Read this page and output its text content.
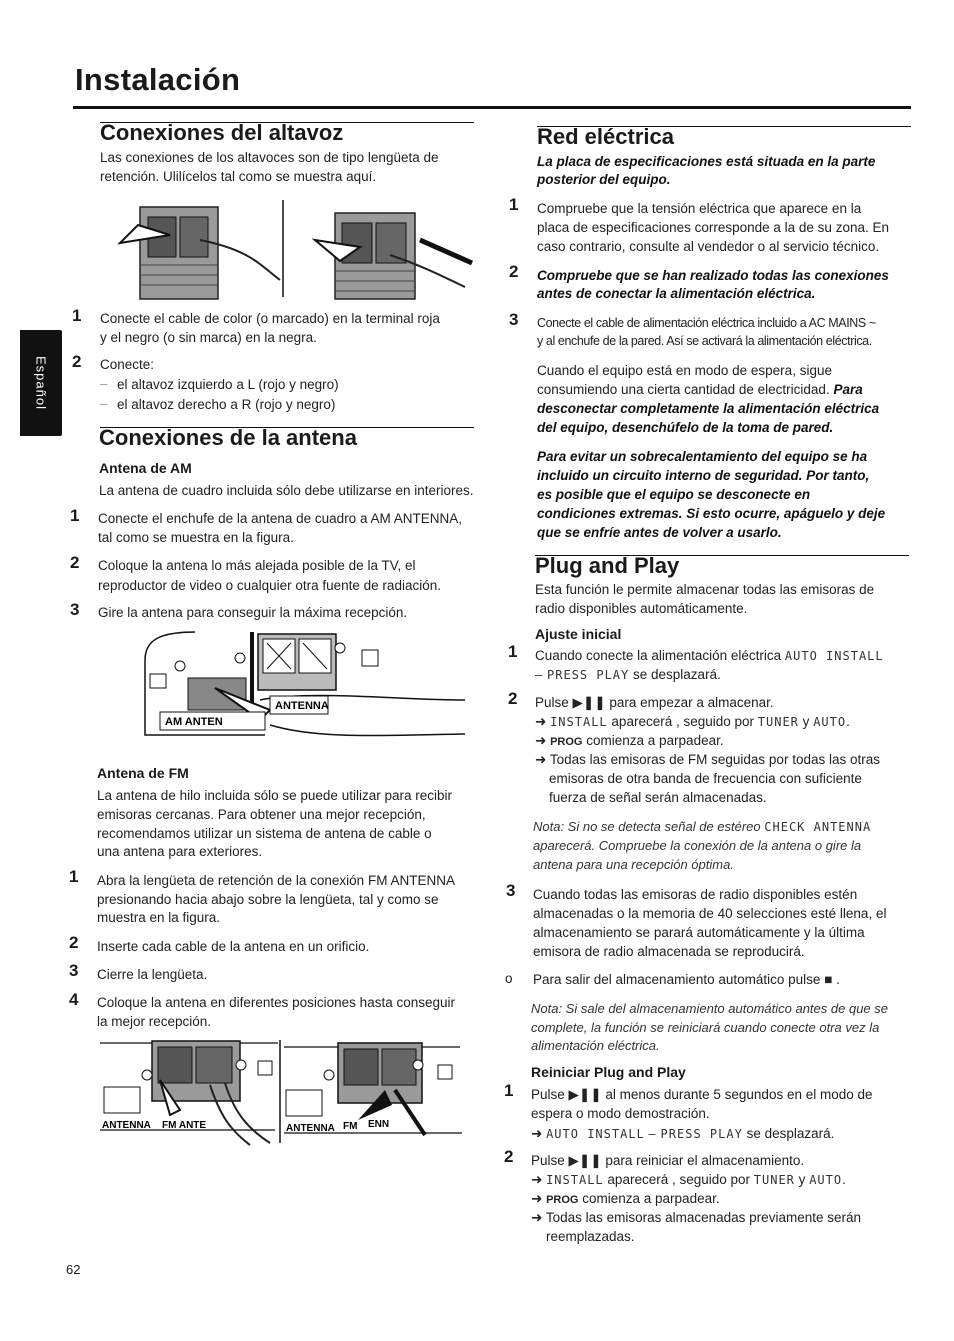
Instalación
Español
Conexiones del altavoz
Las conexiones de los altavoces son de tipo lengüeta de
retención. Ulilícelos tal como se muestra aquí.
1 Conecte el cable de color (o marcado) en la terminal roja
y el negro (o sin marca) en la negra.
2 Conecte:
– el altavoz izquierdo a L (rojo y negro)
– el altavoz derecho a R (rojo y negro)
Conexiones de la antena
Antena de AM
La antena de cuadro incluida sólo debe utilizarse en interiores.
1 Conecte el enchufe de la antena de cuadro a AM ANTENNA,
tal como se muestra en la figura.
2 Coloque la antena lo más alejada posible de la TV, el
reproductor de video o cualquier otra fuente de radiación.
3 Gire la antena para conseguir la máxima recepción.
AM ANTEN
ANTENNA
Antena de FM
La antena de hilo incluida sólo se puede utilizar para recibir
emisoras cercanas. Para obtener una mejor recepción,
recomendamos utilizar un sistema de antena de cable o
una antena para exteriores.
1 Abra la lengüeta de retención de la conexión FM ANTENNA
presionando hacia abajo sobre la lengüeta, tal y como se
muestra en la figura.
2 Inserte cada cable de la antena en un orificio.
3 Cierre la lengüeta.
4 Coloque la antena en diferentes posiciones hasta conseguir
la mejor recepción.
ANTENNA FM ANTE	ANTENNA FM ENN
62
Red eléctrica
La placa de especificaciones está situada en la parte
posterior del equipo.
1 Compruebe que la tensión eléctrica que aparece en la
placa de especificaciones corresponde a la de su zona. En
caso contrario, consulte al vendedor o al servicio técnico.
2 Compruebe que se han realizado todas las conexiones
antes de conectar la alimentación eléctrica.
3 Conecte el cable de alimentación eléctrica incluido a AC MAINS ~
y al enchufe de la pared. Así se activará la alimentación eléctrica.
Cuando el equipo está en modo de espera, sigue
consumiendo una cierta cantidad de electricidad. Para
desconectar completamente la alimentación eléctrica
del equipo, desenchúfelo de la toma de pared.
Para evitar un sobrecalentamiento del equipo se ha
incluido un circuito interno de seguridad. Por tanto,
es posible que el equipo se desconecte en
condiciones extremas. Si esto ocurre, apáguelo y deje
que se enfríe antes de volver a usarlo.
Plug and Play
Esta función le permite almacenar todas las emisoras de
radio disponibles automáticamente.
Ajuste inicial
1 Cuando conecte la alimentación eléctrica AUTO INSTALL
– PRESS PLAY se desplazará.
2 Pulse ▶❚❚ para empezar a almacenar.
➜ INSTALL aparecerá , seguido por TUNER y AUTO.
➜ PROG comienza a parpadear.
➜ Todas las emisoras de FM seguidas por todas las otras
emisoras de otra banda de frecuencia con suficiente
fuerza de señal serán almacenadas.
Nota: Si no se detecta señal de estéreo CHECK ANTENNA
aparecerá. Compruebe la conexión de la antena o gire la
antena para una recepción óptima.
3 Cuando todas las emisoras de radio disponibles estén
almacenadas o la memoria de 40 selecciones esté llena, el
almacenamiento se parará automáticamente y la última
emisora de radio almacenada se reproducirá.
o Para salir del almacenamiento automático pulse ■ .
Nota: Si sale del almacenamiento automático antes de que se
complete, la función se reiniciará cuando conecte otra vez la
alimentación eléctrica.
Reiniciar Plug and Play
1 Pulse ▶❚❚ al menos durante 5 segundos en el modo de
espera o modo demostración.
➜ AUTO INSTALL – PRESS PLAY se desplazará.
2 Pulse ▶❚❚ para reiniciar el almacenamiento.
➜ INSTALL aparecerá , seguido por TUNER y AUTO.
➜ PROG comienza a parpadear.
➜ Todas las emisoras almacenadas previamente serán
reemplazadas.
